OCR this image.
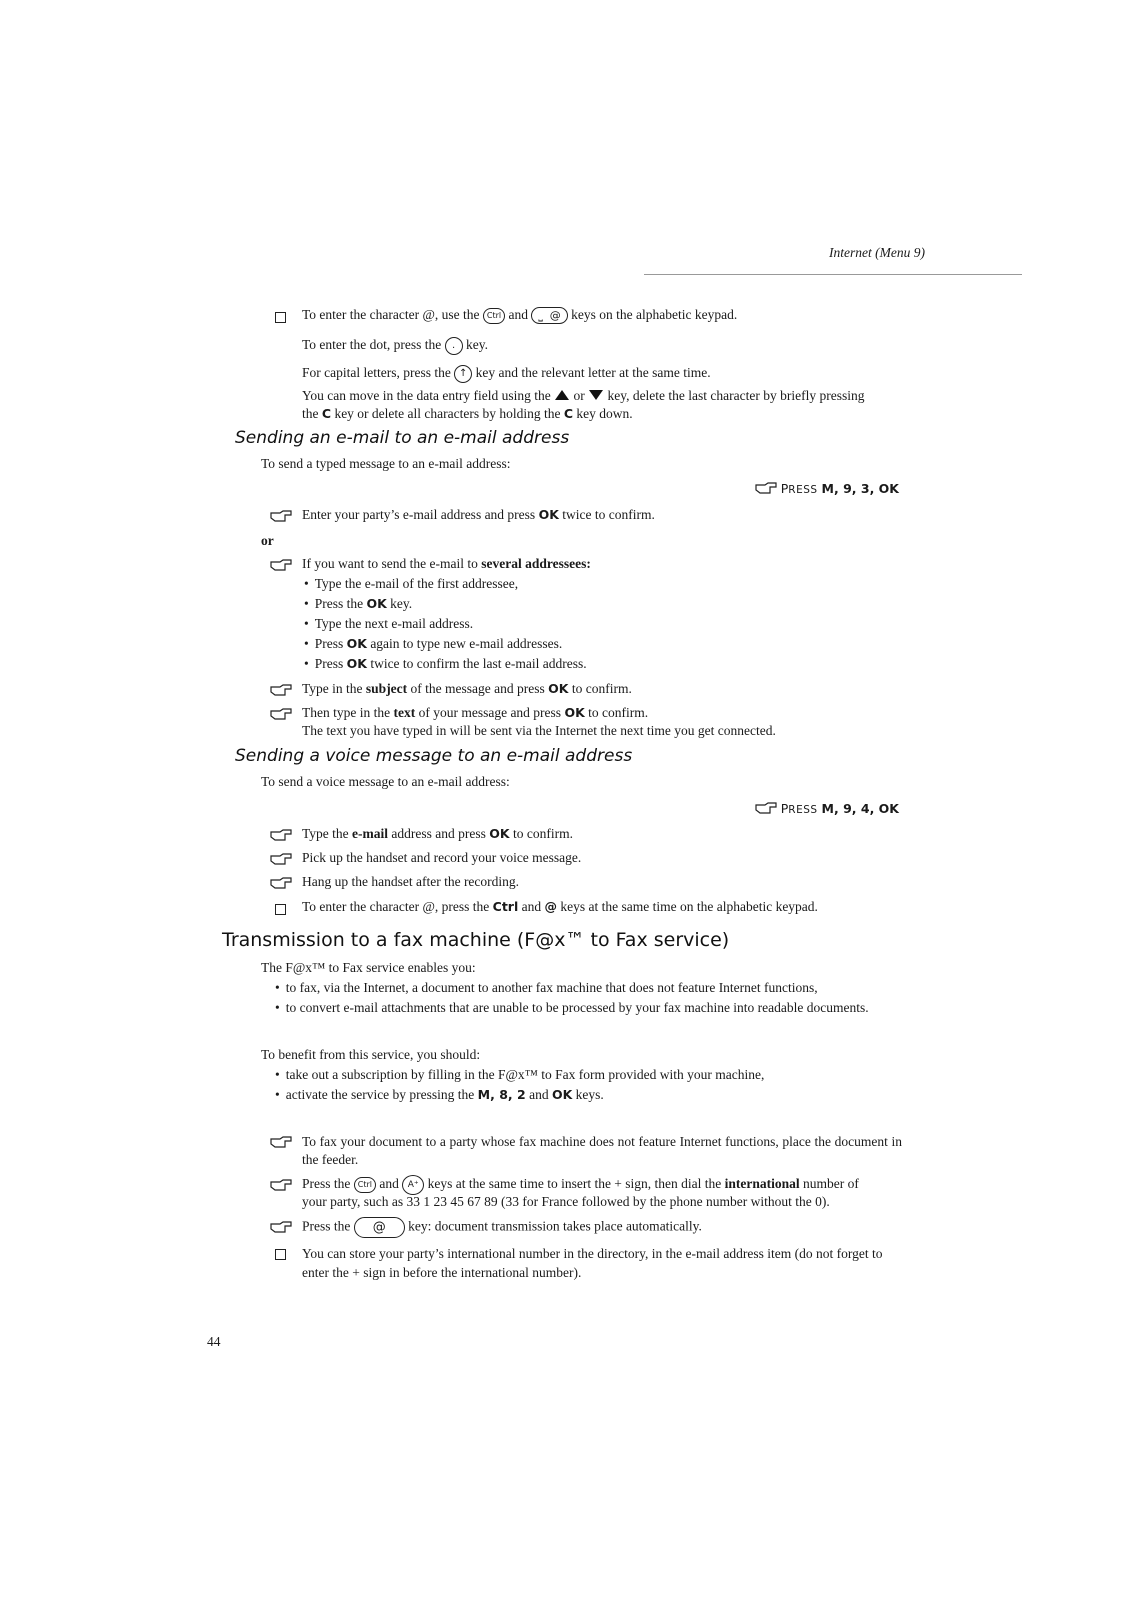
Internet (Menu 9)
To enter the character @, use the Ctrl and ⎵  @ keys on the alphabetic keypad.
To enter the dot, press the . key.
For capital letters, press the ↑ key and the relevant letter at the same time.
You can move in the data entry field using the or key, delete the last character by briefly pressing
the C key or delete all characters by holding the C key down.
Sending an e-mail to an e-mail address
To send a typed message to an e-mail address:
PRESS M, 9, 3, OK
Enter your party’s e-mail address and press OK twice to confirm.
or
If you want to send the e-mail to several addressees:
• Type the e-mail of the first addressee,
• Press the OK key.
• Type the next e-mail address.
• Press OK again to type new e-mail addresses.
• Press OK twice to confirm the last e-mail address.
Type in the subject of the message and press OK to confirm.
Then type in the text of your message and press OK to confirm.
The text you have typed in will be sent via the Internet the next time you get connected.
Sending a voice message to an e-mail address
To send a voice message to an e-mail address:
PRESS M, 9, 4, OK
Type the e-mail address and press OK to confirm.
Pick up the handset and record your voice message.
Hang up the handset after the recording.
To enter the character @, press the Ctrl and @ keys at the same time on the alphabetic keypad.
Transmission to a fax machine (F@x™ to Fax service)
The F@x™ to Fax service enables you:
• to fax, via the Internet, a document to another fax machine that does not feature Internet functions,
• to convert e-mail attachments that are unable to be processed by your fax machine into readable documents.
To benefit from this service, you should:
• take out a subscription by filling in the F@x™ to Fax form provided with your machine,
• activate the service by pressing the M, 8, 2 and OK keys.
To fax your document to a party whose fax machine does not feature Internet functions, place the document in the feeder.
Press the Ctrl and A⁺ keys at the same time to insert the + sign, then dial the international number of
your party, such as 33 1 23 45 67 89 (33 for France followed by the phone number without the 0).
Press the @ key: document transmission takes place automatically.
You can store your party’s international number in the directory, in the e-mail address item (do not forget to enter the + sign in before the international number).
44
